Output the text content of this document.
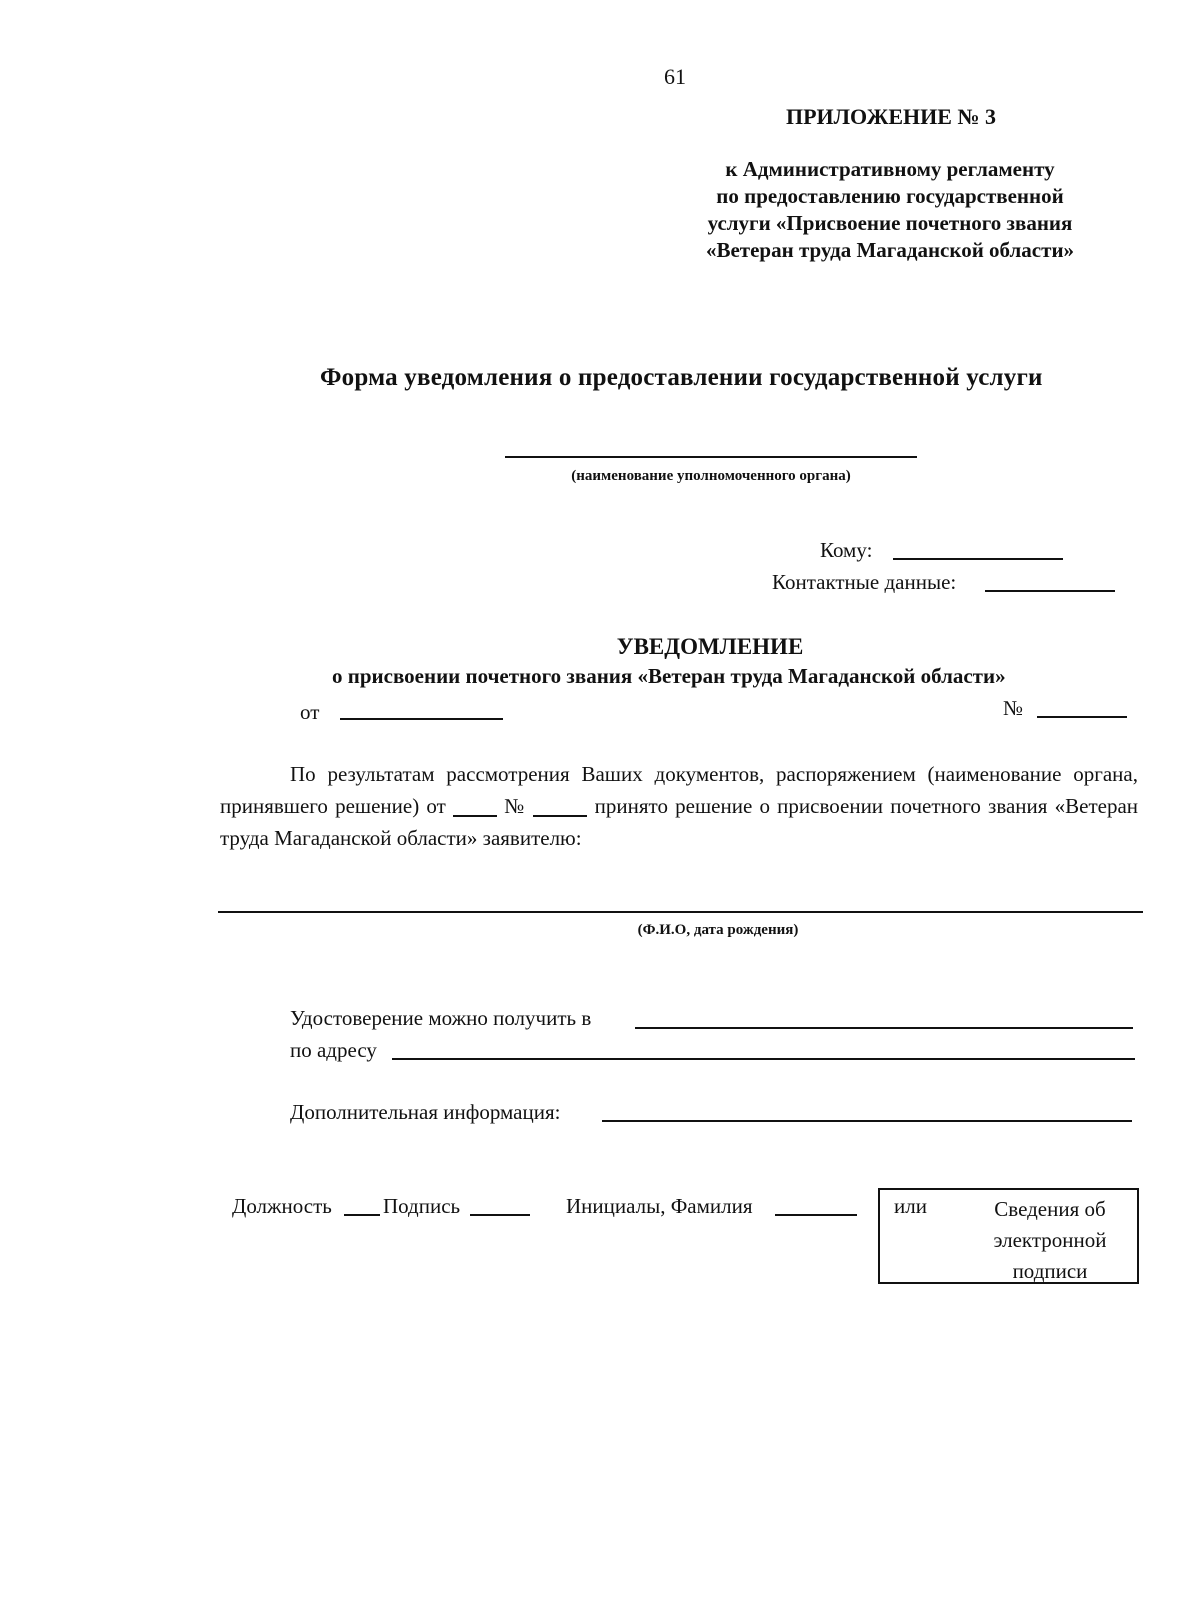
61
ПРИЛОЖЕНИЕ № 3
к Административному регламенту
по предоставлению государственной
услуги «Присвоение почетного звания
«Ветеран труда Магаданской области»
Форма уведомления о предоставлении государственной услуги
(наименование уполномоченного органа)
Кому:
Контактные данные:
УВЕДОМЛЕНИЕ
о присвоении почетного звания «Ветеран труда Магаданской области»
от	№
По результатам рассмотрения Ваших документов, распоряжением (наименование органа, принявшего решение) от	№	принято решение о присвоении почетного звания «Ветеран труда Магаданской области» заявителю:
(Ф.И.О, дата рождения)
Удостоверение можно получить в
по адресу
Дополнительная информация:
Должность Подпись	Инициалы, Фамилия	или	Сведения об электронной подписи
